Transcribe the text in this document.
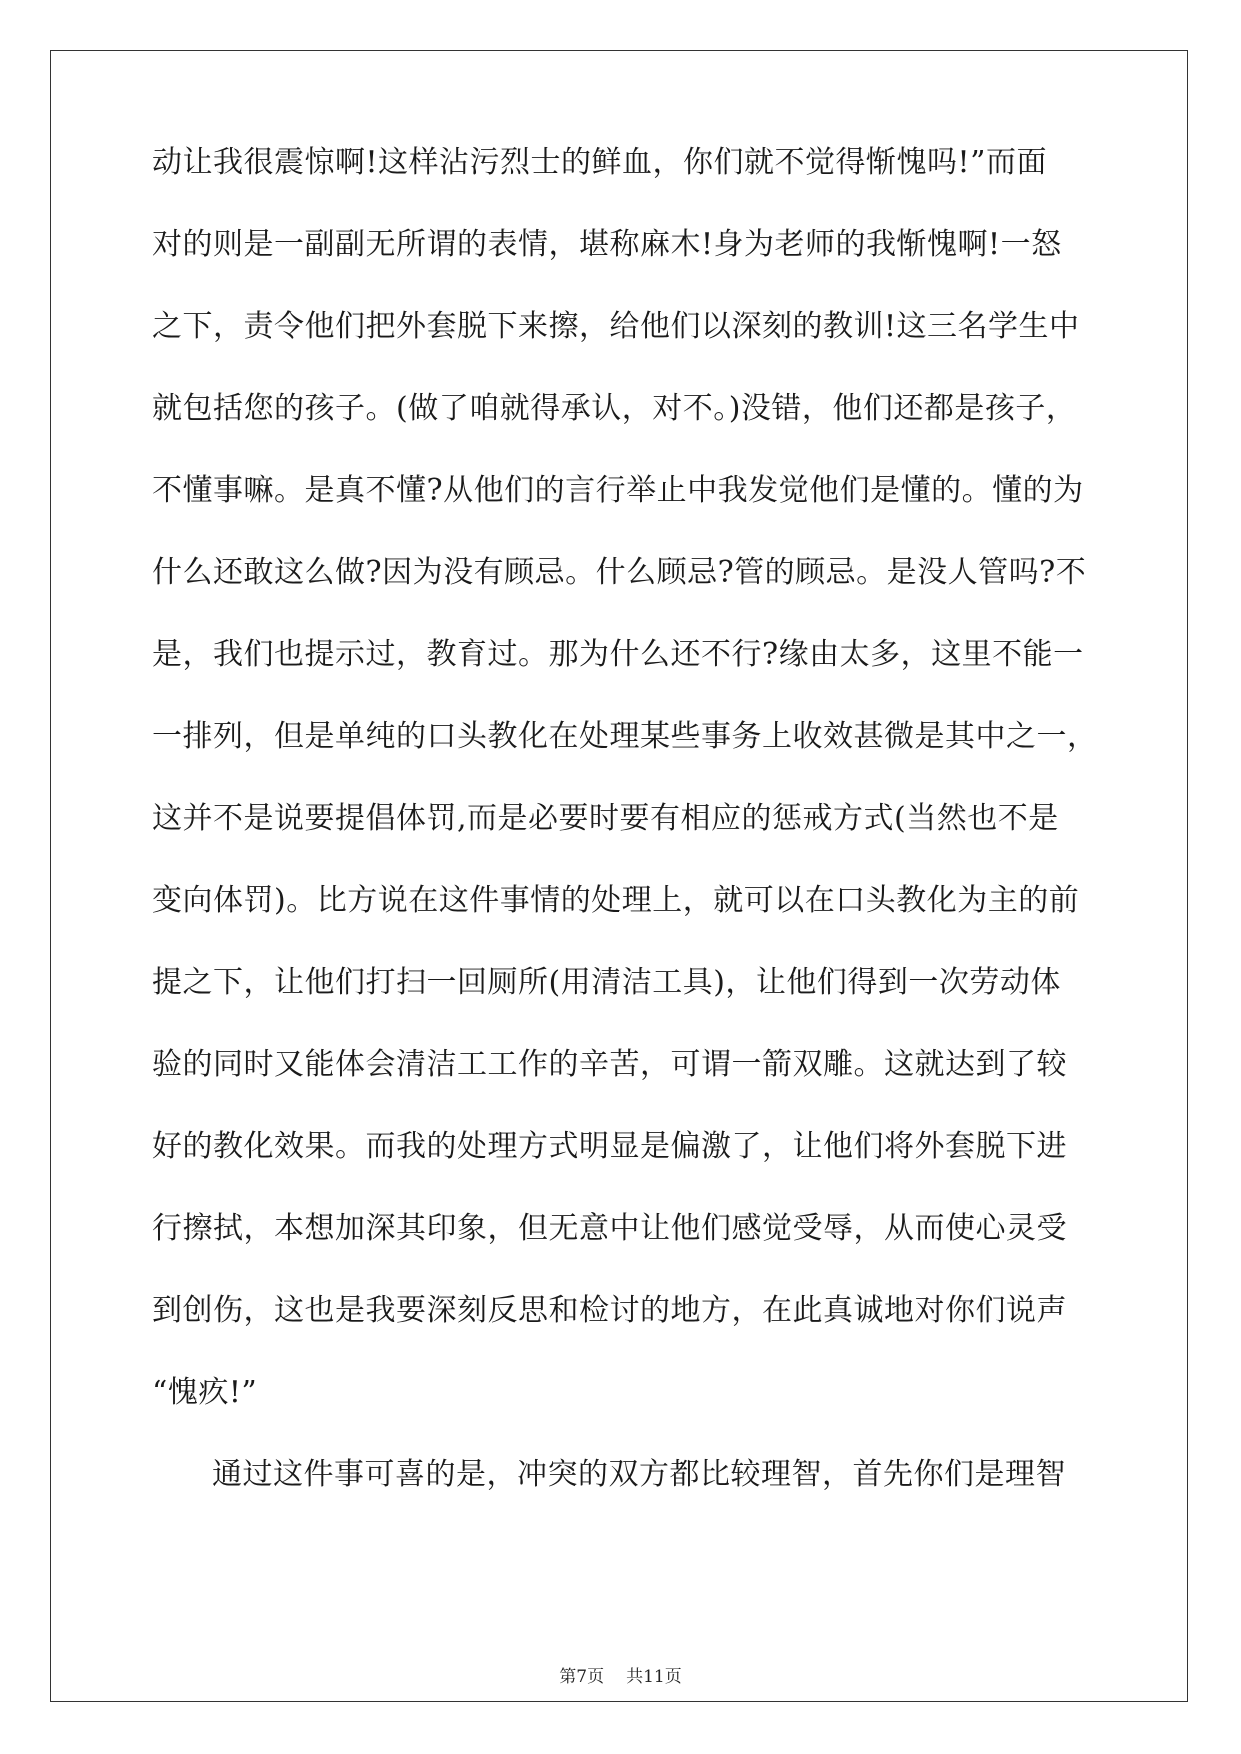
动让我很震惊啊!这样沾污烈士的鲜血，你们就不觉得惭愧吗!”而面
对的则是一副副无所谓的表情，堪称麻木!身为老师的我惭愧啊!一怒
之下，责令他们把外套脱下来擦，给他们以深刻的教训!这三名学生中
就包括您的孩子。(做了咱就得承认，对不。)没错，他们还都是孩子，
不懂事嘛。是真不懂?从他们的言行举止中我发觉他们是懂的。懂的为
什么还敢这么做?因为没有顾忌。什么顾忌?管的顾忌。是没人管吗?不
是，我们也提示过，教育过。那为什么还不行?缘由太多，这里不能一
一排列，但是单纯的口头教化在处理某些事务上收效甚微是其中之一，
这并不是说要提倡体罚,而是必要时要有相应的惩戒方式(当然也不是
变向体罚)。比方说在这件事情的处理上，就可以在口头教化为主的前
提之下，让他们打扫一回厕所(用清洁工具)，让他们得到一次劳动体
验的同时又能体会清洁工工作的辛苦，可谓一箭双雕。这就达到了较
好的教化效果。而我的处理方式明显是偏激了，让他们将外套脱下进
行擦拭，本想加深其印象，但无意中让他们感觉受辱，从而使心灵受
到创伤，这也是我要深刻反思和检讨的地方，在此真诚地对你们说声
“愧疚!”
通过这件事可喜的是，冲突的双方都比较理智，首先你们是理智
第7页 共11页
